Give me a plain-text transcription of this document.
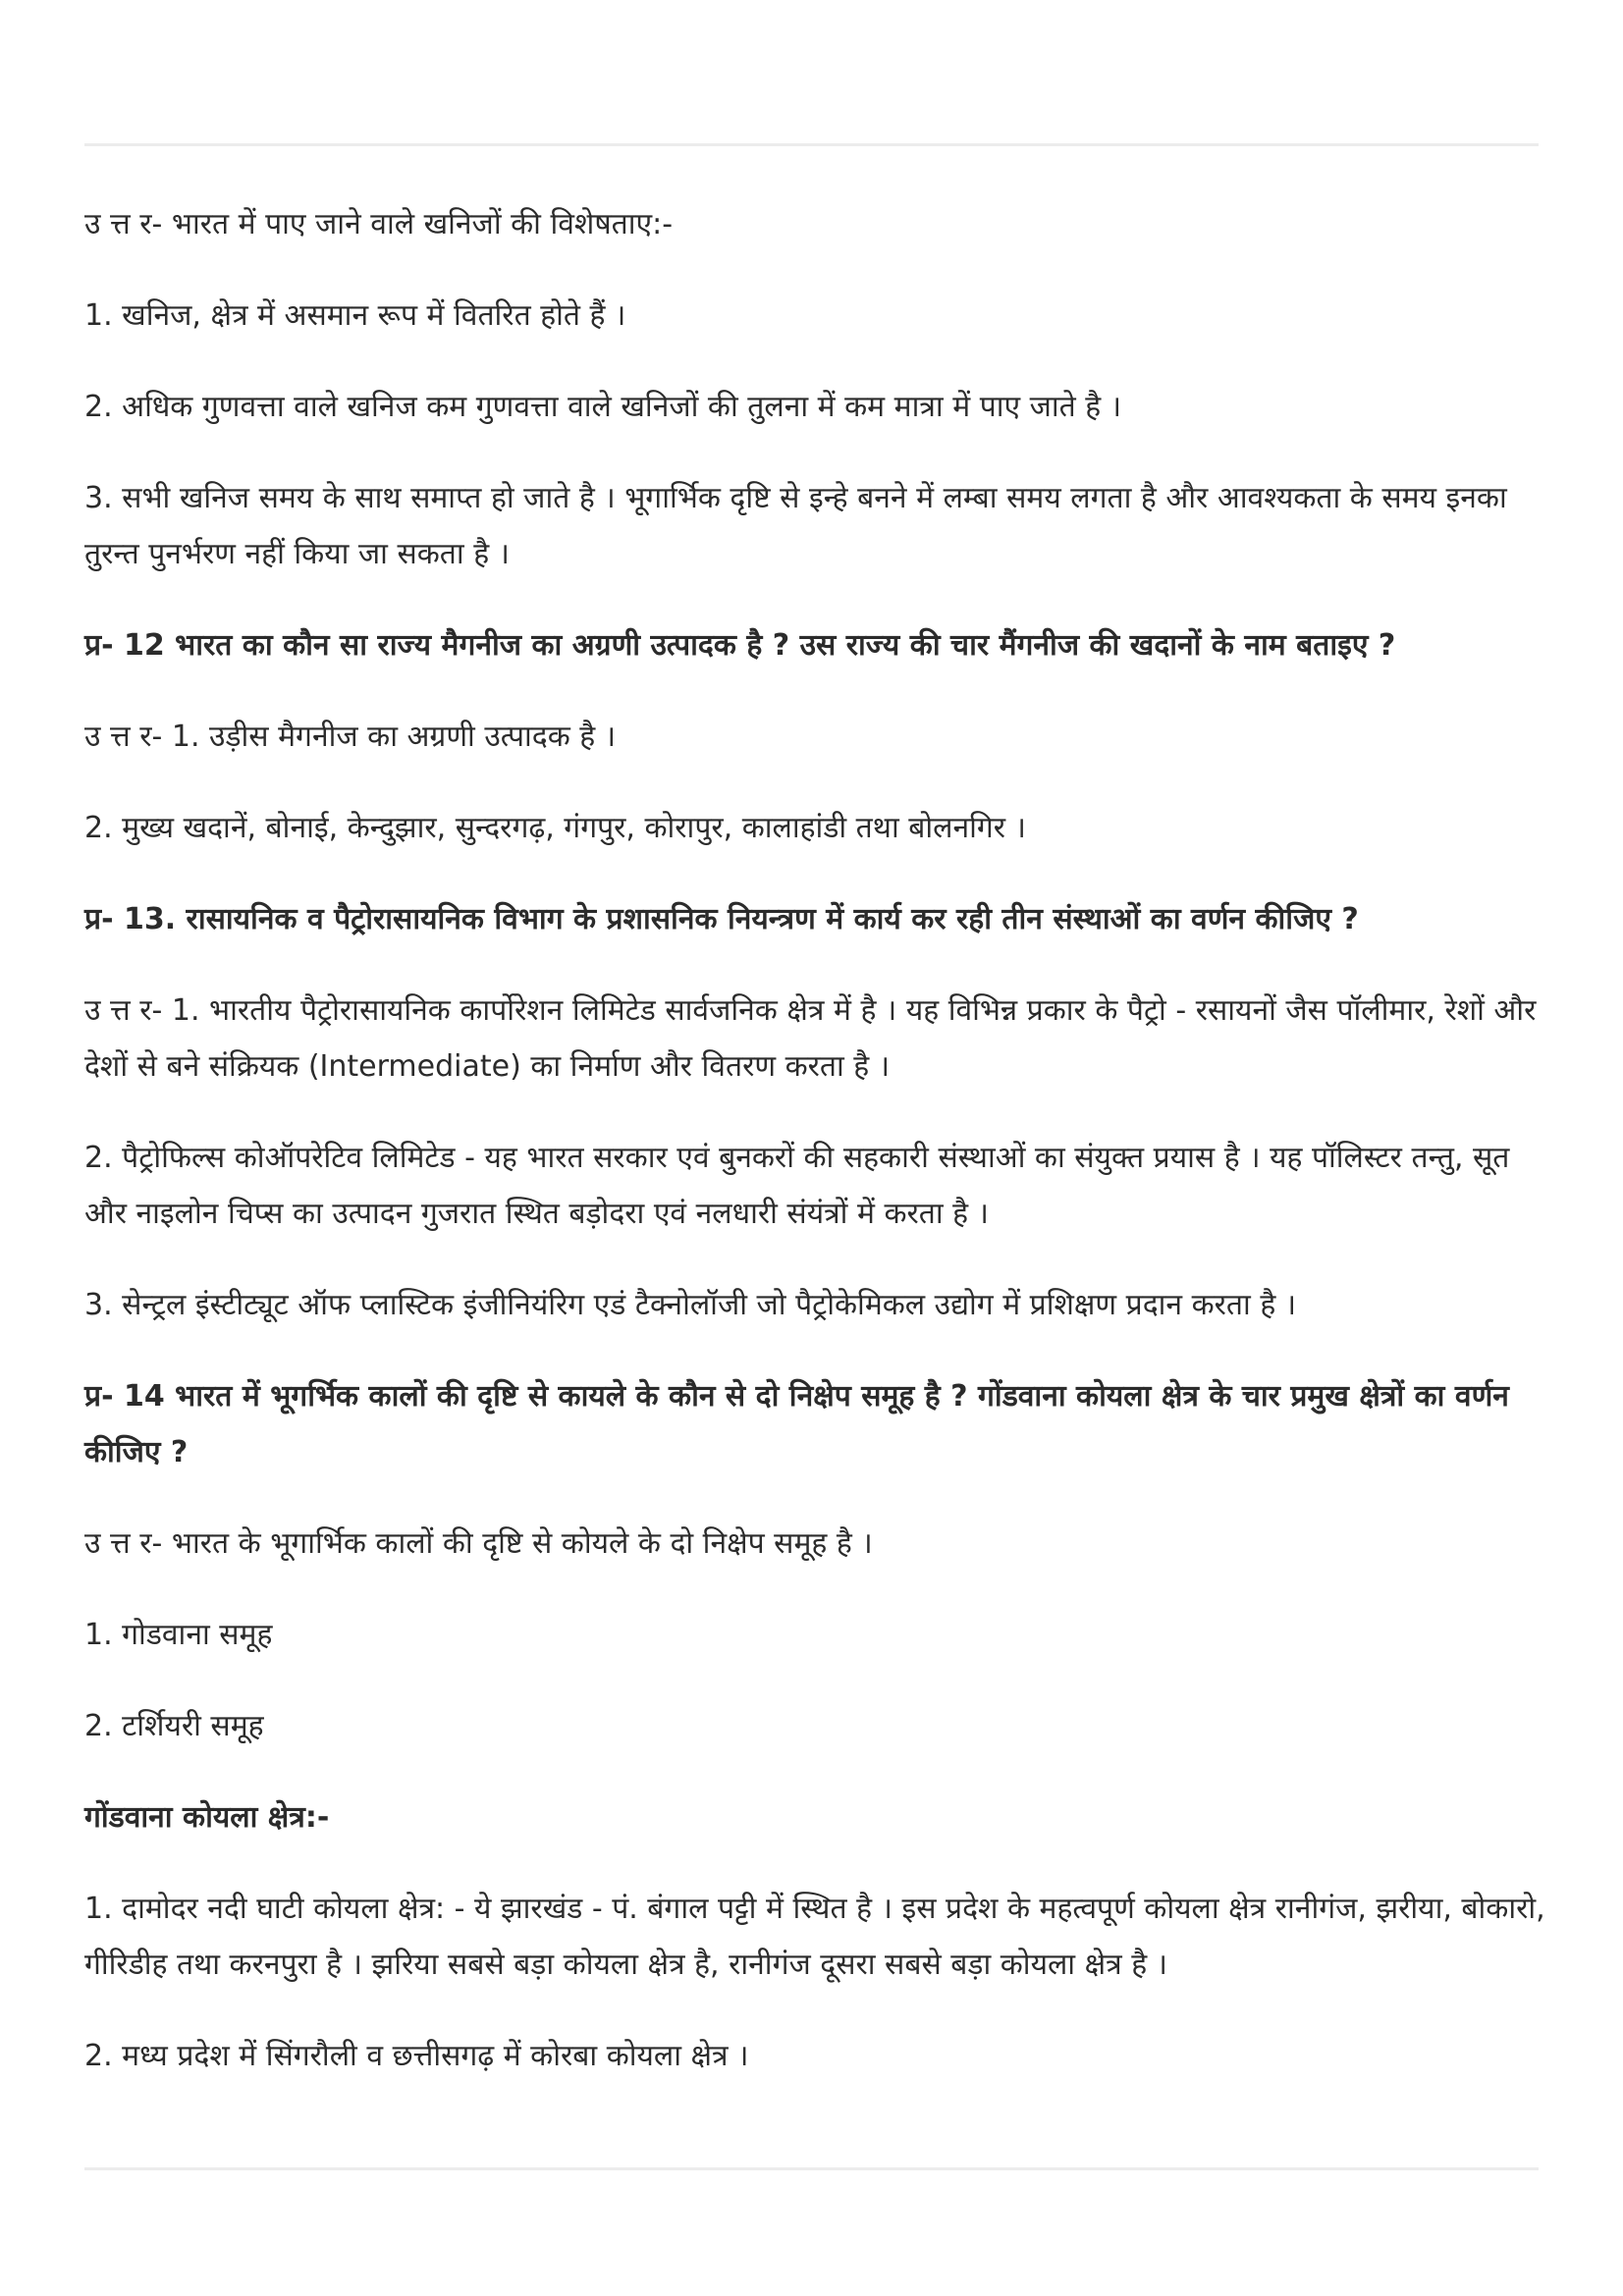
उ त्त र- भारत में पाए जाने वाले खनिजों की विशेषताए:-

1. खनिज, क्षेत्र में असमान रूप में वितरित होते हैं ।

2. अधिक गुणवत्ता वाले खनिज कम गुणवत्ता वाले खनिजों की तुलना में कम मात्रा में पाए जाते है ।

3. सभी खनिज समय के साथ समाप्त हो जाते है । भूगार्भिक दृष्टि से इन्हे बनने में लम्बा समय लगता है और आवश्यकता के समय इनका तुरन्त पुनर्भरण नहीं किया जा सकता है ।

प्र- 12 भारत का कौन सा राज्य मैगनीज का अग्रणी उत्पादक है ? उस राज्य की चार मैंगनीज की खदानों के नाम बताइए ?

उ त्त र- 1. उड़ीस मैगनीज का अग्रणी उत्पादक है ।

2. मुख्य खदानें, बोनाई, केन्दुझार, सुन्दरगढ़, गंगपुर, कोरापुर, कालाहांडी तथा बोलनगिर ।

प्र- 13. रासायनिक व पैट्रोरासायनिक विभाग के प्रशासनिक नियन्त्रण में कार्य कर रही तीन संस्थाओं का वर्णन कीजिए ?

उ त्त र- 1. भारतीय पैट्रोरासायनिक कार्पोरेशन लिमिटेड सार्वजनिक क्षेत्र में है । यह विभिन्न प्रकार के पैट्रो - रसायनों जैस पॉलीमार, रेशों और देशों से बने संक्रियक (Intermediate) का निर्माण और वितरण करता है ।

2. पैट्रोफिल्स कोऑपरेटिव लिमिटेड - यह भारत सरकार एवं बुनकरों की सहकारी संस्थाओं का संयुक्त प्रयास है । यह पॉलिस्टर तन्तु, सूत और नाइलोन चिप्स का उत्पादन गुजरात स्थित बड़ोदरा एवं नलधारी संयंत्रों में करता है ।

3. सेन्ट्रल इंस्टीट्यूट ऑफ प्लास्टिक इंजीनियंरिग एडं टैक्नोलॉजी जो पैट्रोकेमिकल उद्योग में प्रशिक्षण प्रदान करता है ।

प्र- 14 भारत में भूगर्भिक कालों की दृष्टि से कायले के कौन से दो निक्षेप समूह है ? गोंडवाना कोयला क्षेत्र के चार प्रमुख क्षेत्रों का वर्णन कीजिए ?

उ त्त र- भारत के भूगार्भिक कालों की दृष्टि से कोयले के दो निक्षेप समूह है ।

1. गोडवाना समूह

2. टर्शियरी समूह

गोंडवाना कोयला क्षेत्र:-

1. दामोदर नदी घाटी कोयला क्षेत्र: - ये झारखंड - पं. बंगाल पट्टी में स्थित है । इस प्रदेश के महत्वपूर्ण कोयला क्षेत्र रानीगंज, झरीया, बोकारो, गीरिडीह तथा करनपुरा है । झरिया सबसे बड़ा कोयला क्षेत्र है, रानीगंज दूसरा सबसे बड़ा कोयला क्षेत्र है ।

2. मध्य प्रदेश में सिंगरौली व छत्तीसगढ़ में कोरबा कोयला क्षेत्र ।
